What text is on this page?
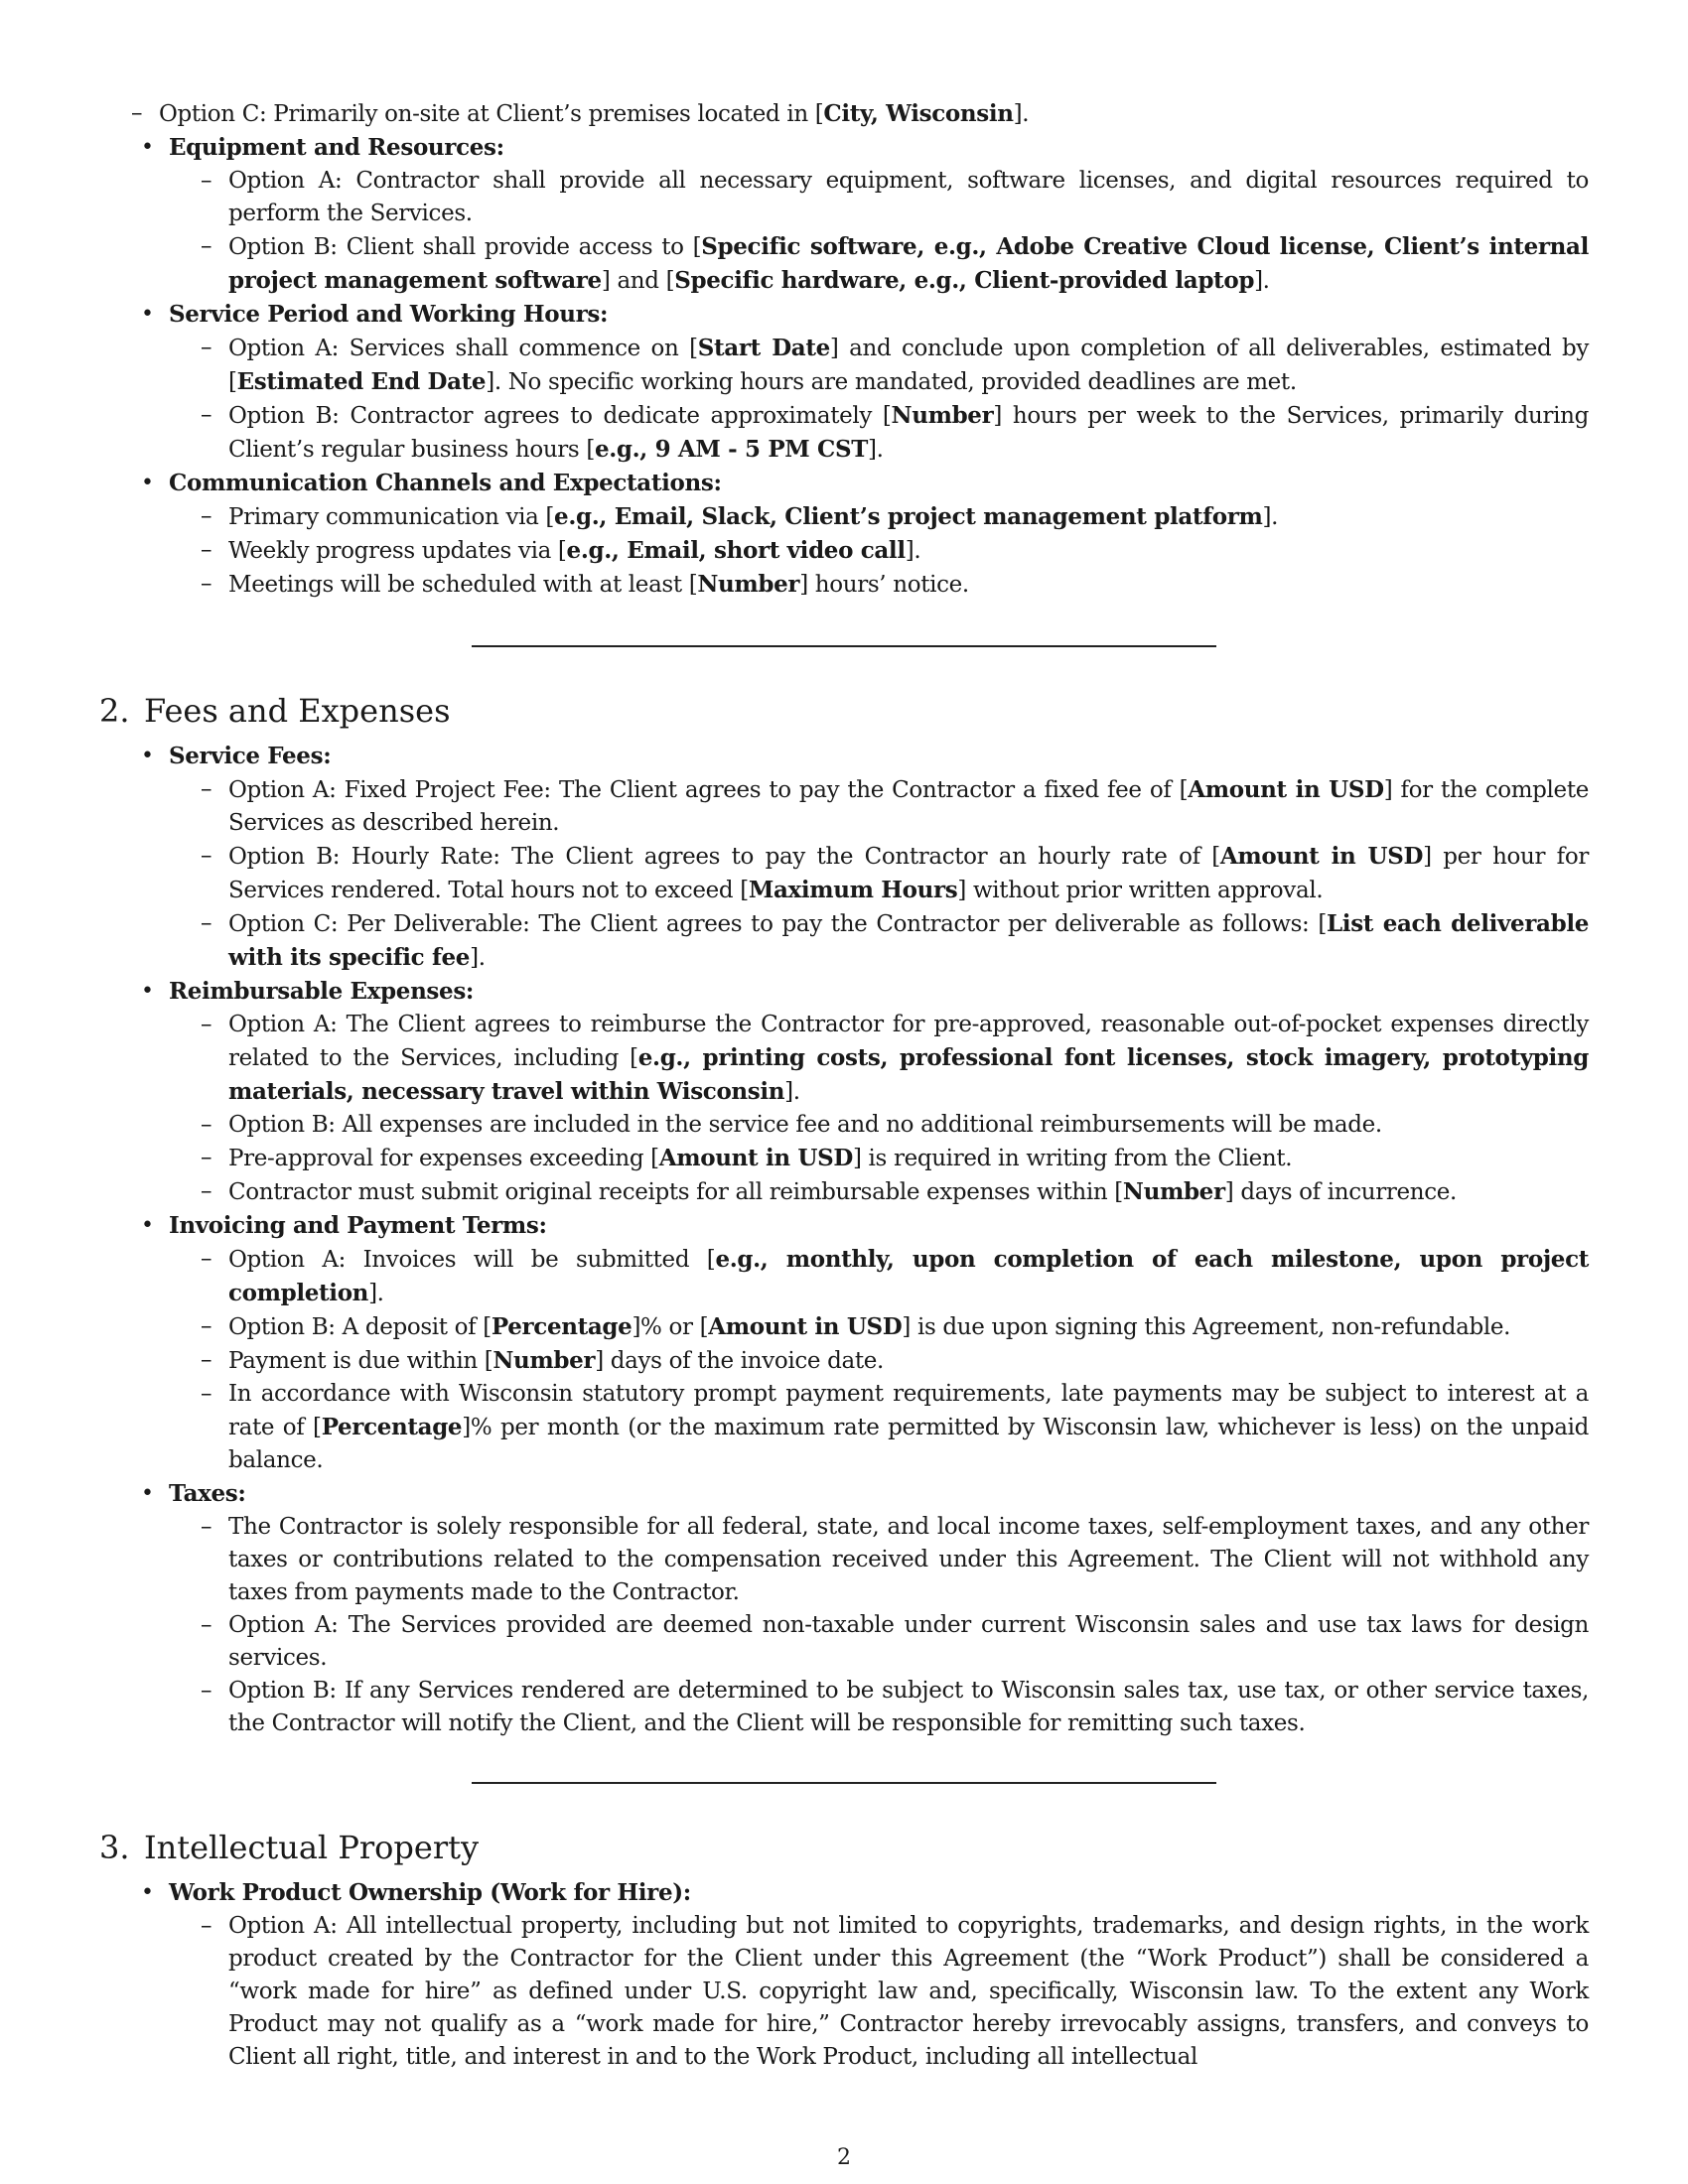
– Option C: Primarily on-site at Client’s premises located in [City, Wisconsin].
• Equipment and Resources:
– Option A: Contractor shall provide all necessary equipment, software licenses, and digital resources required to perform the Services.
– Option B: Client shall provide access to [Specific software, e.g., Adobe Creative Cloud license, Client’s internal project management software] and [Specific hardware, e.g., Client-provided laptop].
• Service Period and Working Hours:
– Option A: Services shall commence on [Start Date] and conclude upon completion of all deliverables, estimated by [Estimated End Date]. No specific working hours are mandated, provided deadlines are met.
– Option B: Contractor agrees to dedicate approximately [Number] hours per week to the Services, primarily during Client’s regular business hours [e.g., 9 AM - 5 PM CST].
• Communication Channels and Expectations:
– Primary communication via [e.g., Email, Slack, Client’s project management platform].
– Weekly progress updates via [e.g., Email, short video call].
– Meetings will be scheduled with at least [Number] hours’ notice.
2. Fees and Expenses
• Service Fees:
– Option A: Fixed Project Fee: The Client agrees to pay the Contractor a fixed fee of [Amount in USD] for the complete Services as described herein.
– Option B: Hourly Rate: The Client agrees to pay the Contractor an hourly rate of [Amount in USD] per hour for Services rendered. Total hours not to exceed [Maximum Hours] without prior written approval.
– Option C: Per Deliverable: The Client agrees to pay the Contractor per deliverable as follows: [List each deliverable with its specific fee].
• Reimbursable Expenses:
– Option A: The Client agrees to reimburse the Contractor for pre-approved, reasonable out-of-pocket expenses directly related to the Services, including [e.g., printing costs, professional font licenses, stock imagery, prototyping materials, necessary travel within Wisconsin].
– Option B: All expenses are included in the service fee and no additional reimbursements will be made.
– Pre-approval for expenses exceeding [Amount in USD] is required in writing from the Client.
– Contractor must submit original receipts for all reimbursable expenses within [Number] days of incurrence.
• Invoicing and Payment Terms:
– Option A: Invoices will be submitted [e.g., monthly, upon completion of each milestone, upon project completion].
– Option B: A deposit of [Percentage]% or [Amount in USD] is due upon signing this Agreement, non-refundable.
– Payment is due within [Number] days of the invoice date.
– In accordance with Wisconsin statutory prompt payment requirements, late payments may be subject to interest at a rate of [Percentage]% per month (or the maximum rate permitted by Wisconsin law, whichever is less) on the unpaid balance.
• Taxes:
– The Contractor is solely responsible for all federal, state, and local income taxes, self-employment taxes, and any other taxes or contributions related to the compensation received under this Agreement. The Client will not withhold any taxes from payments made to the Contractor.
– Option A: The Services provided are deemed non-taxable under current Wisconsin sales and use tax laws for design services.
– Option B: If any Services rendered are determined to be subject to Wisconsin sales tax, use tax, or other service taxes, the Contractor will notify the Client, and the Client will be responsible for remitting such taxes.
3. Intellectual Property
• Work Product Ownership (Work for Hire):
– Option A: All intellectual property, including but not limited to copyrights, trademarks, and design rights, in the work product created by the Contractor for the Client under this Agreement (the “Work Product”) shall be considered a “work made for hire” as defined under U.S. copyright law and, specifically, Wisconsin law. To the extent any Work Product may not qualify as a “work made for hire,” Contractor hereby irrevocably assigns, transfers, and conveys to Client all right, title, and interest in and to the Work Product, including all intellectual
2
